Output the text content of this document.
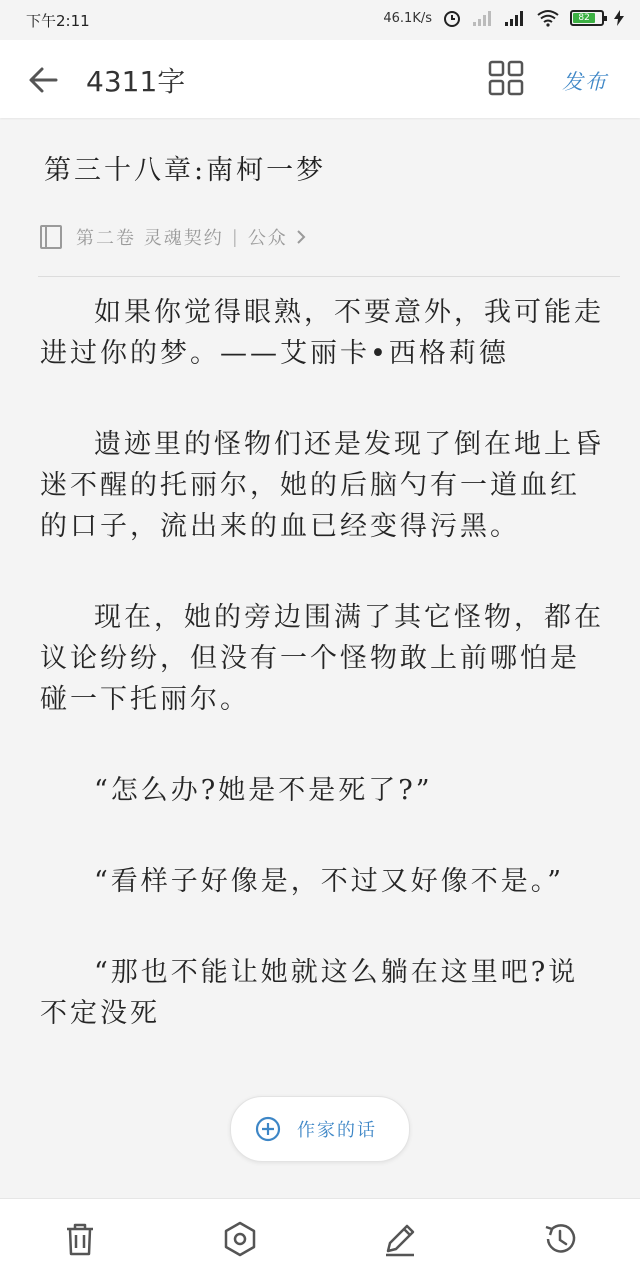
下午2:11	46.1K/s	82
4311字	发布
第三十八章:南柯一梦
第二卷 灵魂契约 | 公众

如果你觉得眼熟，不要意外，我可能走进过你的梦。——艾丽卡•西格莉德

遗迹里的怪物们还是发现了倒在地上昏迷不醒的托丽尔，她的后脑勺有一道血红的口子，流出来的血已经变得污黑。

现在，她的旁边围满了其它怪物，都在议论纷纷，但没有一个怪物敢上前哪怕是碰一下托丽尔。

“怎么办?她是不是死了?”

“看样子好像是，不过又好像不是。”

“那也不能让她就这么躺在这里吧?说不定没死

作家的话
